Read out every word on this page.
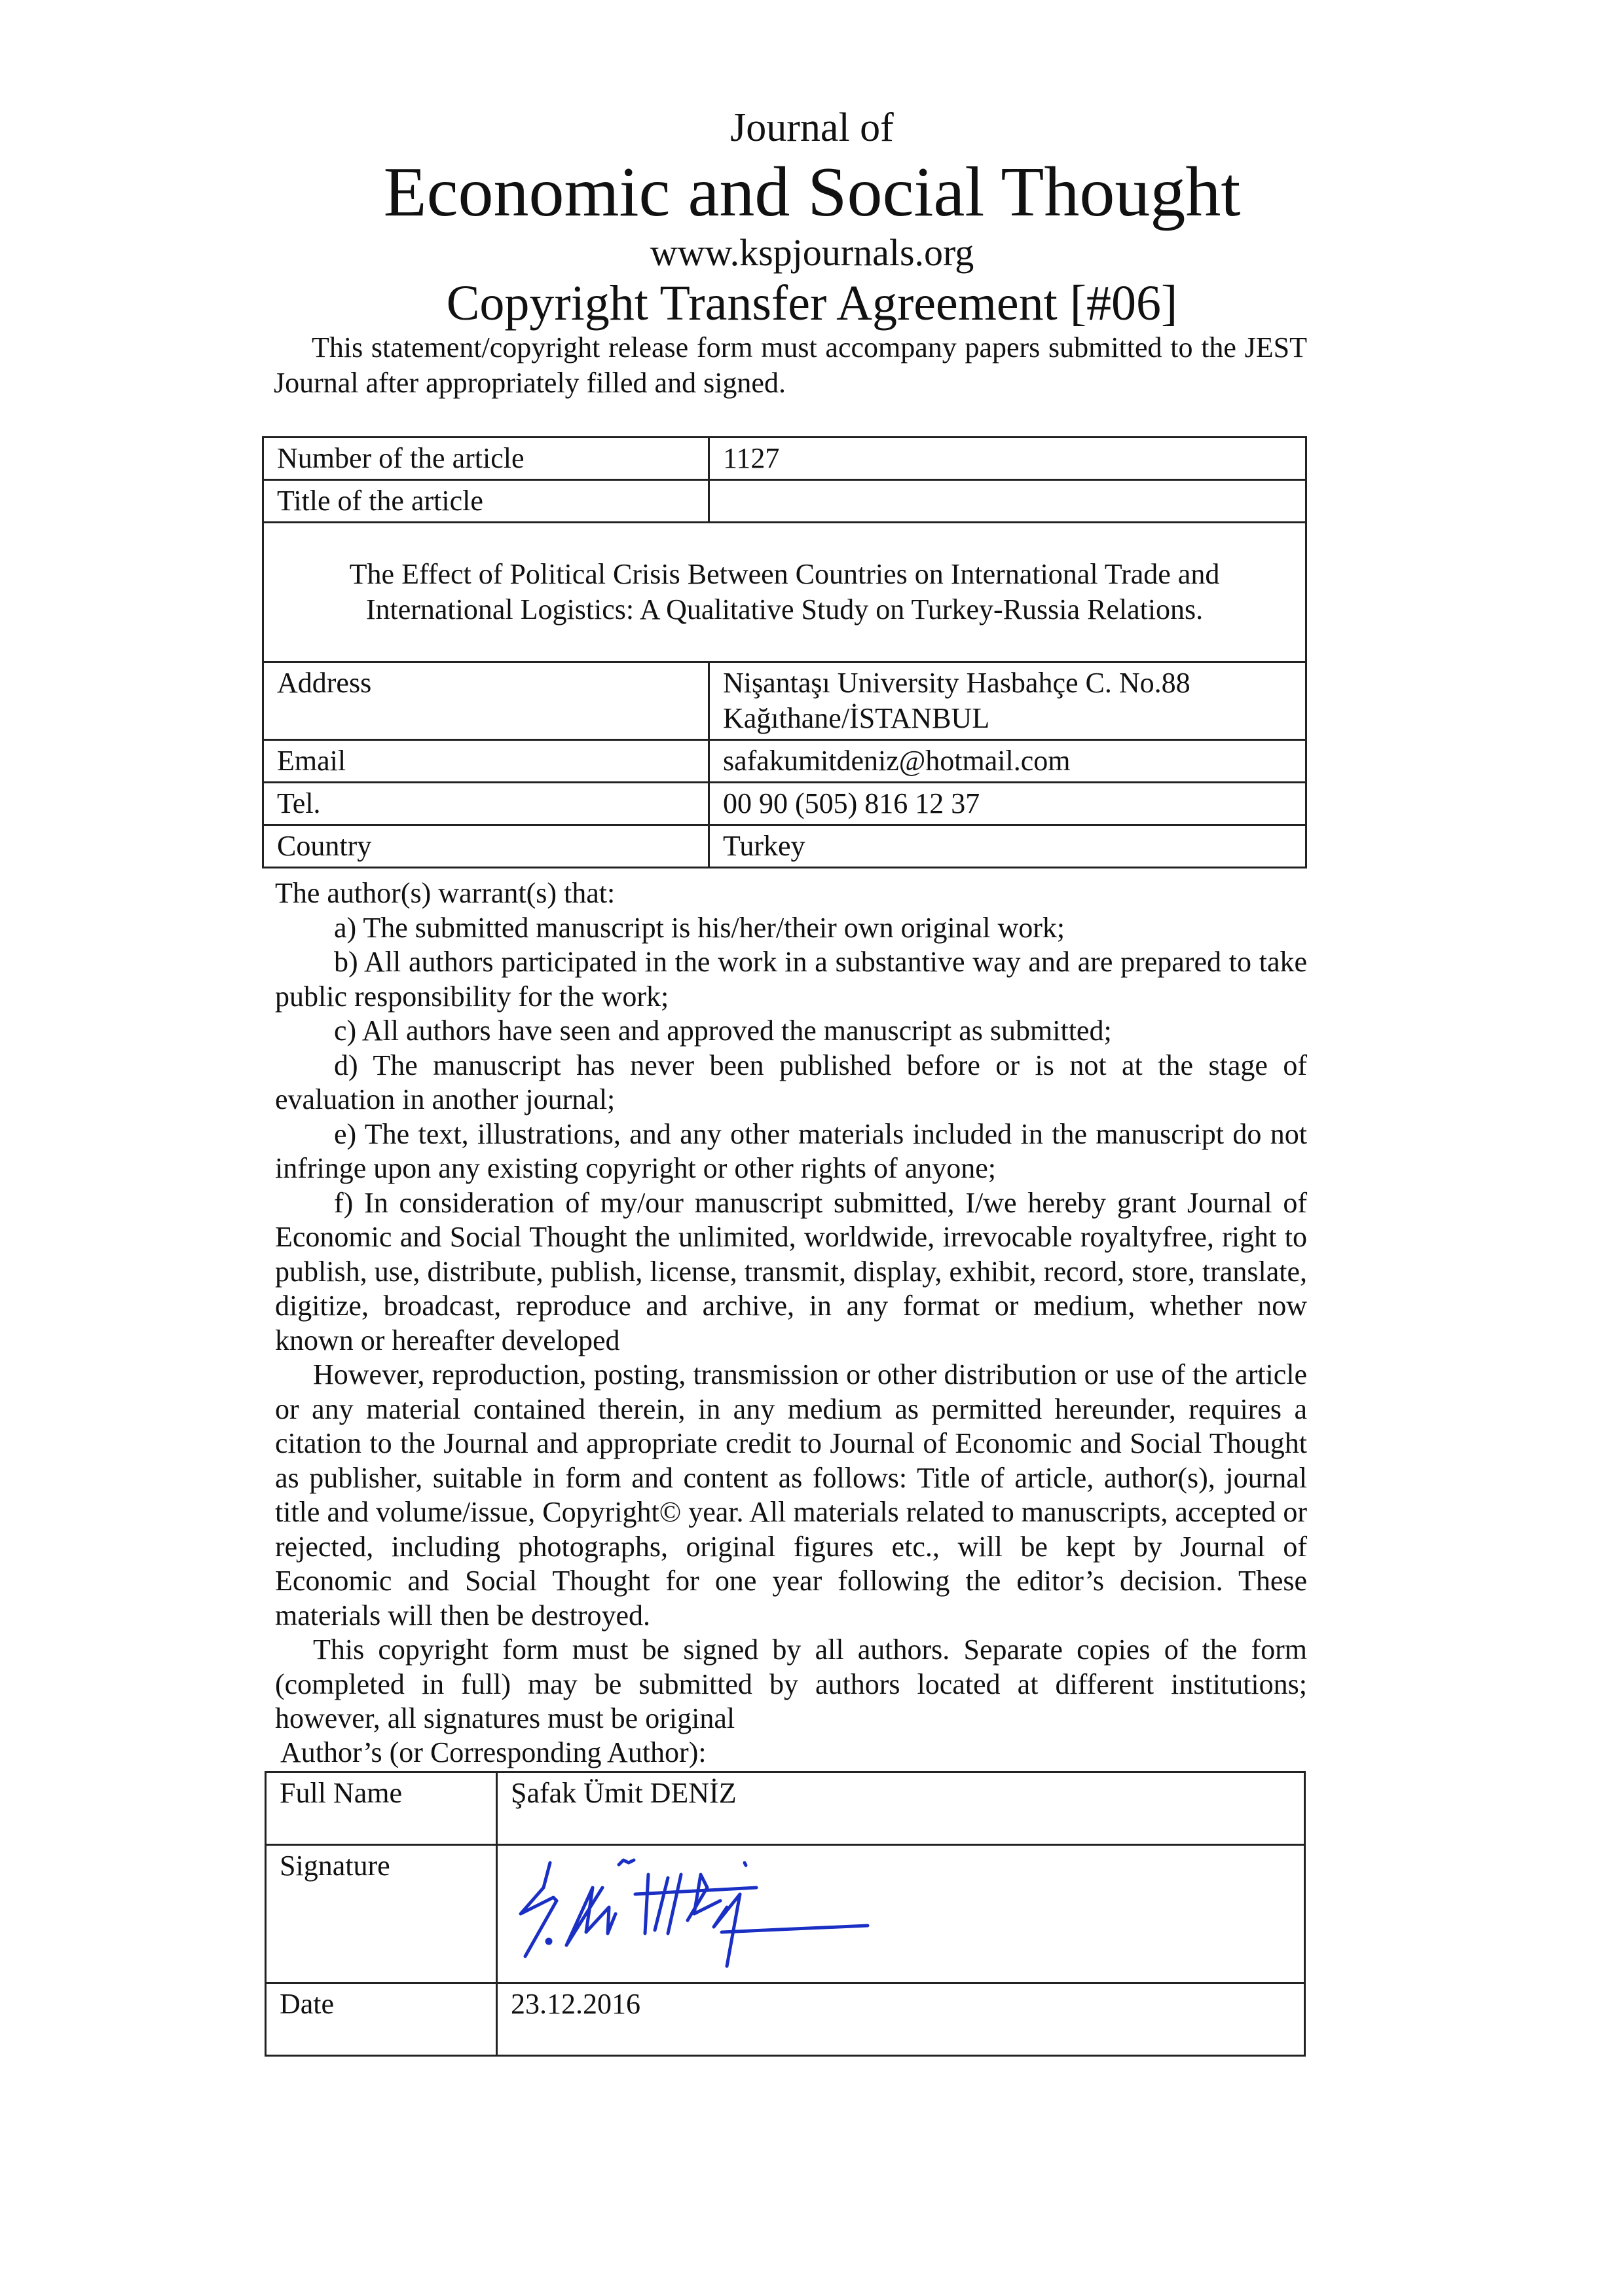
Journal of
Economic and Social Thought
www.kspjournals.org
Copyright Transfer Agreement [#06]
This statement/copyright release form must accompany papers submitted to the JEST Journal after appropriately filled and signed.
Number of the article	1127
Title of the article	
The Effect of Political Crisis Between Countries on International Trade and International Logistics: A Qualitative Study on Turkey-Russia Relations.	
Address	Nişantaşı University Hasbahçe C. No.88
Kağıthane/İSTANBUL

Email	safakumitdeniz@hotmail.com
Tel.	00 90 (505) 816 12 37
Country	Turkey

The author(s) warrant(s) that:

a) The submitted manuscript is his/her/their own original work;

b) All authors participated in the work in a substantive way and are prepared to take public responsibility for the work;

c) All authors have seen and approved the manuscript as submitted;

d) The manuscript has never been published before or is not at the stage of evaluation in another journal;

e) The text, illustrations, and any other materials included in the manuscript do not infringe upon any existing copyright or other rights of anyone;

f) In consideration of my/our manuscript submitted, I/we hereby grant Journal of Economic and Social Thought the unlimited, worldwide, irrevocable royaltyfree, right to publish, use, distribute, publish, license, transmit, display, exhibit, record, store, translate, digitize, broadcast, reproduce and archive, in any format or medium, whether now known or hereafter developed

However, reproduction, posting, transmission or other distribution or use of the article or any material contained therein, in any medium as permitted hereunder, requires a citation to the Journal and appropriate credit to Journal of Economic and Social Thought as publisher, suitable in form and content as follows: Title of article, author(s), journal title and volume/issue, Copyright© year. All materials related to manuscripts, accepted or rejected, including photographs, original figures etc., will be kept by Journal of Economic and Social Thought for one year following the editor’s decision. These materials will then be destroyed.

This copyright form must be signed by all authors. Separate copies of the form (completed in full) may be submitted by authors located at different institutions; however, all signatures must be original

Author’s (or Corresponding Author):
Full Name	Şafak Ümit DENİZ
Signature	

Date	23.12.2016
